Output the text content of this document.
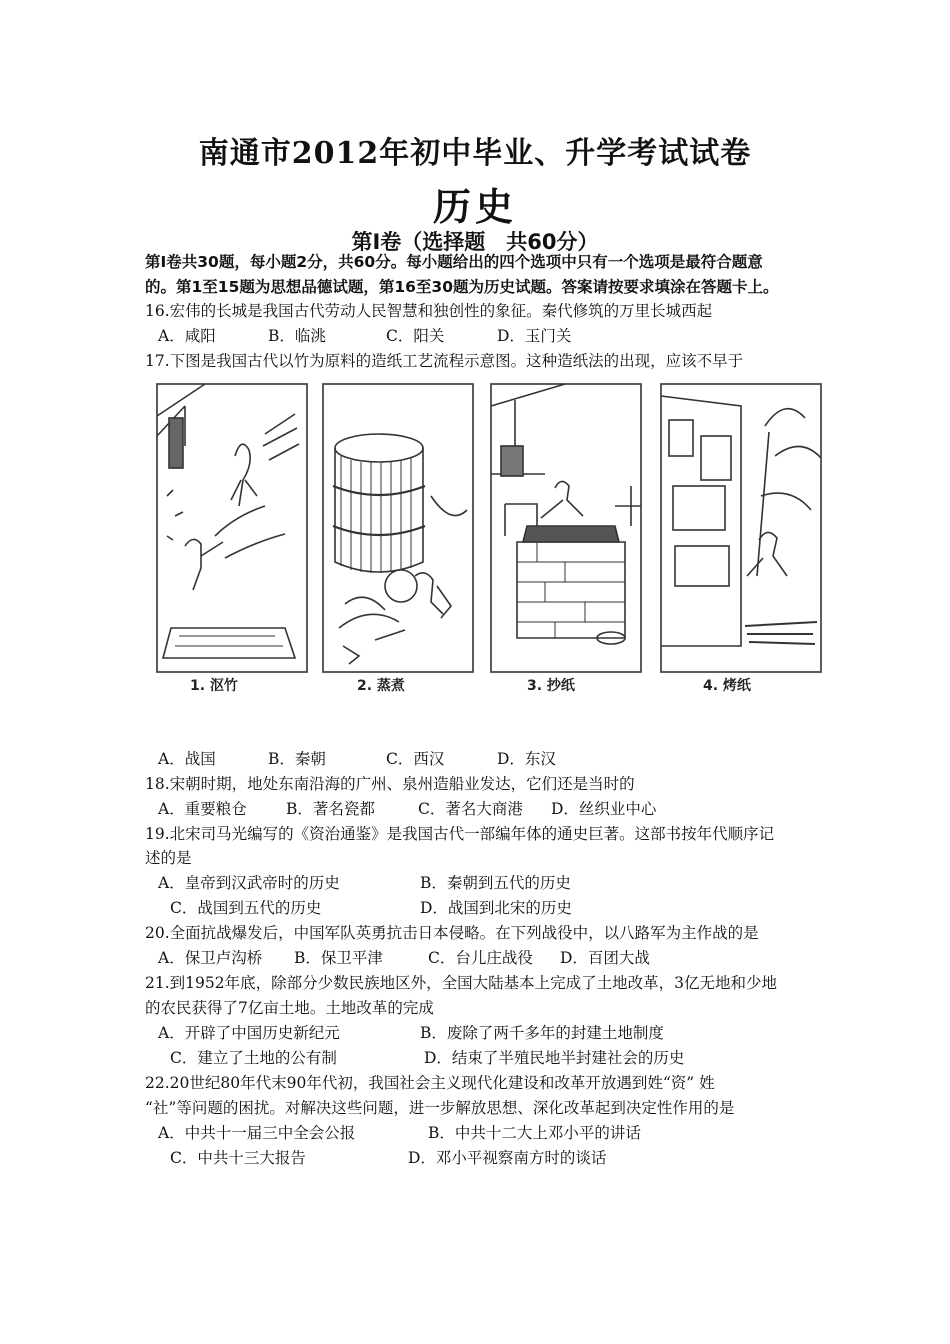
南通市2012年初中毕业、升学考试试卷
历史
第Ⅰ卷（选择题　共60分）
第Ⅰ卷共30题，每小题2分，共60分。每小题给出的四个选项中只有一个选项是最符合题意
的。第1至15题为思想品德试题，第16至30题为历史试题。答案请按要求填涂在答题卡上。
16.宏伟的长城是我国古代劳动人民智慧和独创性的象征。秦代修筑的万里长城西起
A．咸阳	B．临洮	C．阳关	D．玉门关
17.下图是我国古代以竹为原料的造纸工艺流程示意图。这种造纸法的出现，应该不早于
1. 沤竹	2. 蒸煮	3. 抄纸	4. 烤纸
A．战国	B．秦朝	C．西汉	D．东汉
18.宋朝时期，地处东南沿海的广州、泉州造船业发达，它们还是当时的
A．重要粮仓	B．著名瓷都	C．著名大商港 D．丝织业中心
19.北宋司马光编写的《资治通鉴》是我国古代一部编年体的通史巨著。这部书按年代顺序记
述的是
A．皇帝到汉武帝时的历史	B．秦朝到五代的历史
C．战国到五代的历史	D．战国到北宋的历史
20.全面抗战爆发后，中国军队英勇抗击日本侵略。在下列战役中，以八路军为主作战的是
A．保卫卢沟桥 B．保卫平津	C．台儿庄战役 D．百团大战
21.到1952年底，除部分少数民族地区外，全国大陆基本上完成了土地改革，3亿无地和少地
的农民获得了7亿亩土地。土地改革的完成
A．开辟了中国历史新纪元	B．废除了两千多年的封建土地制度
C．建立了土地的公有制	D．结束了半殖民地半封建社会的历史
22.20世纪80年代末90年代初，我国社会主义现代化建设和改革开放遇到姓“资” 姓
“社”等问题的困扰。对解决这些问题，进一步解放思想、深化改革起到决定性作用的是
A．中共十一届三中全会公报	B．中共十二大上邓小平的讲话
C．中共十三大报告	D．邓小平视察南方时的谈话
